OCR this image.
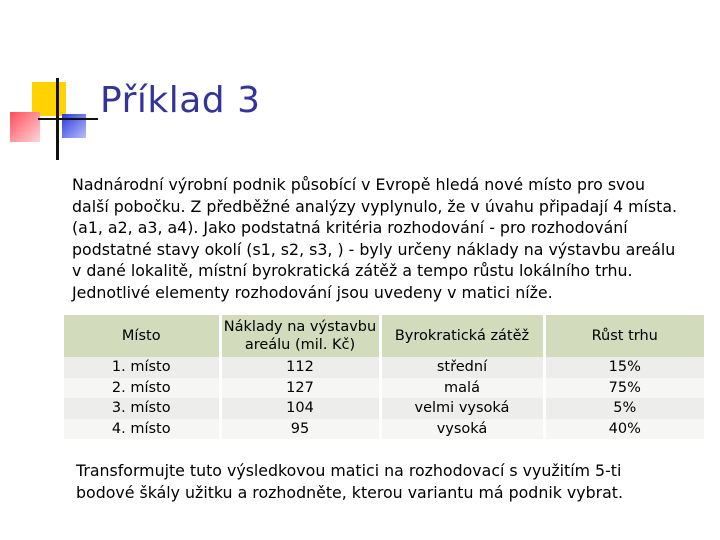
Příklad 3

Nadnárodní výrobní podnik působící v Evropě hledá nové místo pro svou
další pobočku. Z předběžné analýzy vyplynulo, že v úvahu připadají 4 místa.
(a1, a2, a3, a4). Jako podstatná kritéria rozhodování - pro rozhodování
podstatné stavy okolí (s1, s2, s3, ) - byly určeny náklady na výstavbu areálu
v dané lokalitě, místní byrokratická zátěž a tempo růstu lokálního trhu.
Jednotlivé elementy rozhodování jsou uvedeny v matici níže.

Místo	Náklady na výstavbu areálu (mil. Kč)	Byrokratická zátěž	Růst trhu
1. místo	112	střední	15%
2. místo	127	malá	75%
3. místo	104	velmi vysoká	5%
4. místo	95	vysoká	40%

Transformujte tuto výsledkovou matici na rozhodovací s využitím 5-ti
bodové škály užitku a rozhodněte, kterou variantu má podnik vybrat.
